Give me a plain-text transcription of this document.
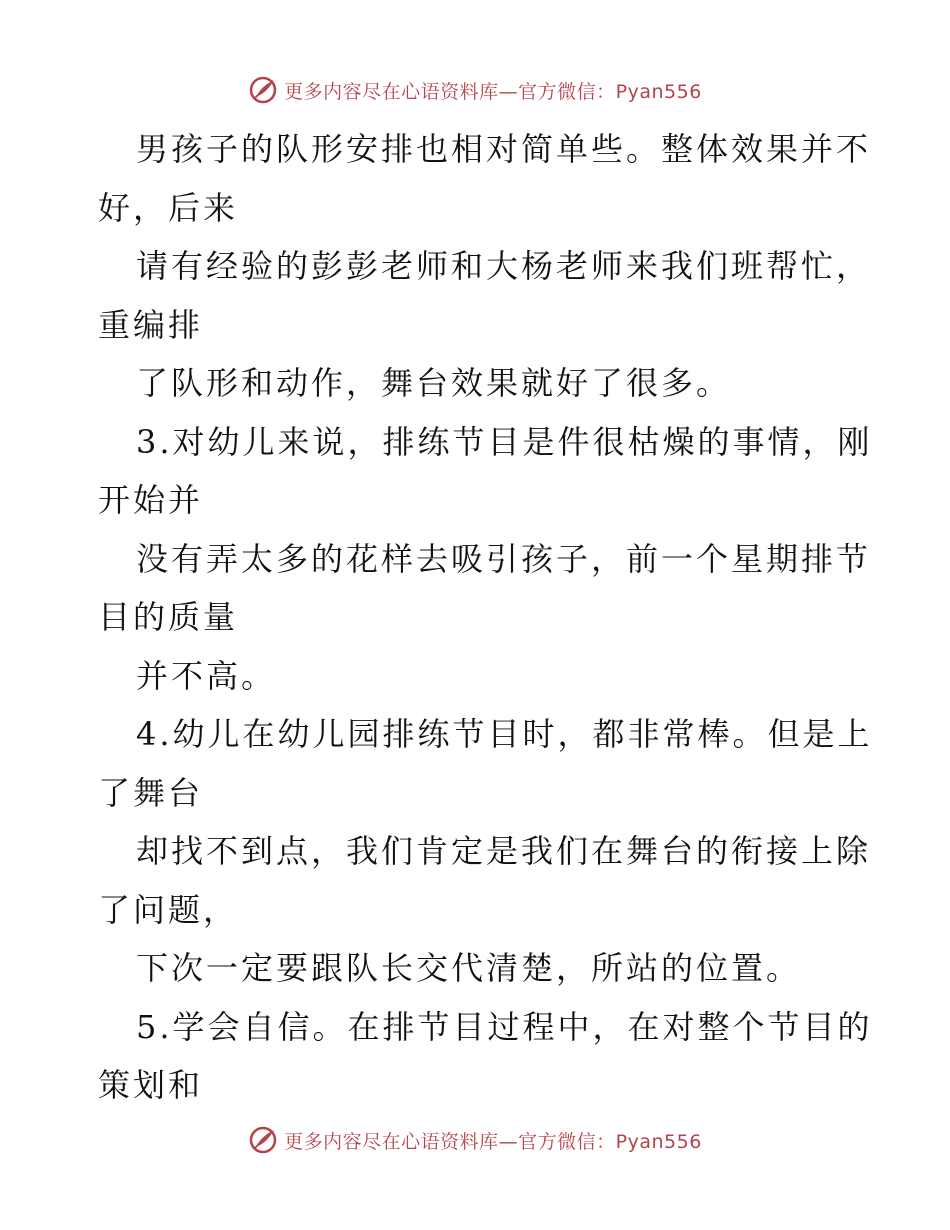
更多内容尽在心语资料库—官方微信：Pyan556
男孩子的队形安排也相对简单些。整体效果并不
好，后来
请有经验的彭彭老师和大杨老师来我们班帮忙，
重编排
了队形和动作，舞台效果就好了很多。
3.对幼儿来说，排练节目是件很枯燥的事情，刚
开始并
没有弄太多的花样去吸引孩子，前一个星期排节
目的质量
并不高。
4.幼儿在幼儿园排练节目时，都非常棒。但是上
了舞台
却找不到点，我们肯定是我们在舞台的衔接上除
了问题，
下次一定要跟队长交代清楚，所站的位置。
5.学会自信。在排节目过程中，在对整个节目的
策划和
更多内容尽在心语资料库—官方微信：Pyan556
